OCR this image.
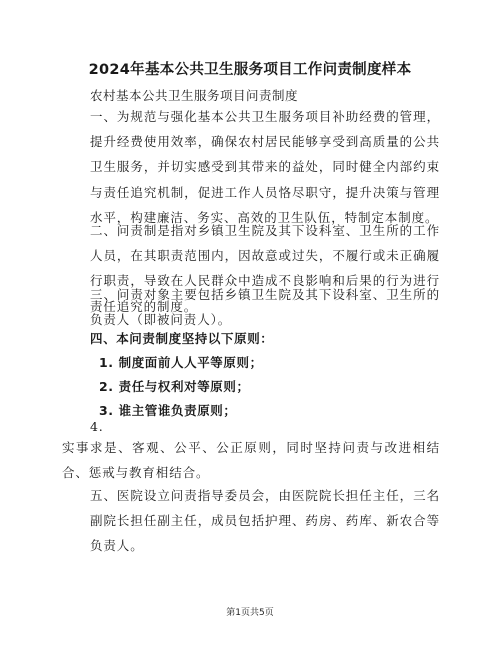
2024年基本公共卫生服务项目工作问责制度样本
农村基本公共卫生服务项目问责制度
一、为规范与强化基本公共卫生服务项目补助经费的管理，提升经费使用效率，确保农村居民能够享受到高质量的公共卫生服务，并切实感受到其带来的益处，同时健全内部约束与责任追究机制，促进工作人员恪尽职守，提升决策与管理水平，构建廉洁、务实、高效的卫生队伍，特制定本制度。
二、问责制是指对乡镇卫生院及其下设科室、卫生所的工作人员，在其职责范围内，因故意或过失，不履行或未正确履行职责，导致在人民群众中造成不良影响和后果的行为进行责任追究的制度。
三、问责对象主要包括乡镇卫生院及其下设科室、卫生所的负责人（即被问责人）。
四、本问责制度坚持以下原则：
1. 制度面前人人平等原则；
2. 责任与权利对等原则；
3. 谁主管谁负责原则；
4.
实事求是、客观、公平、公正原则，同时坚持问责与改进相结合、惩戒与教育相结合。
五、医院设立问责指导委员会，由医院院长担任主任，三名副院长担任副主任，成员包括护理、药房、药库、新农合等负责人。
第1页共5页
